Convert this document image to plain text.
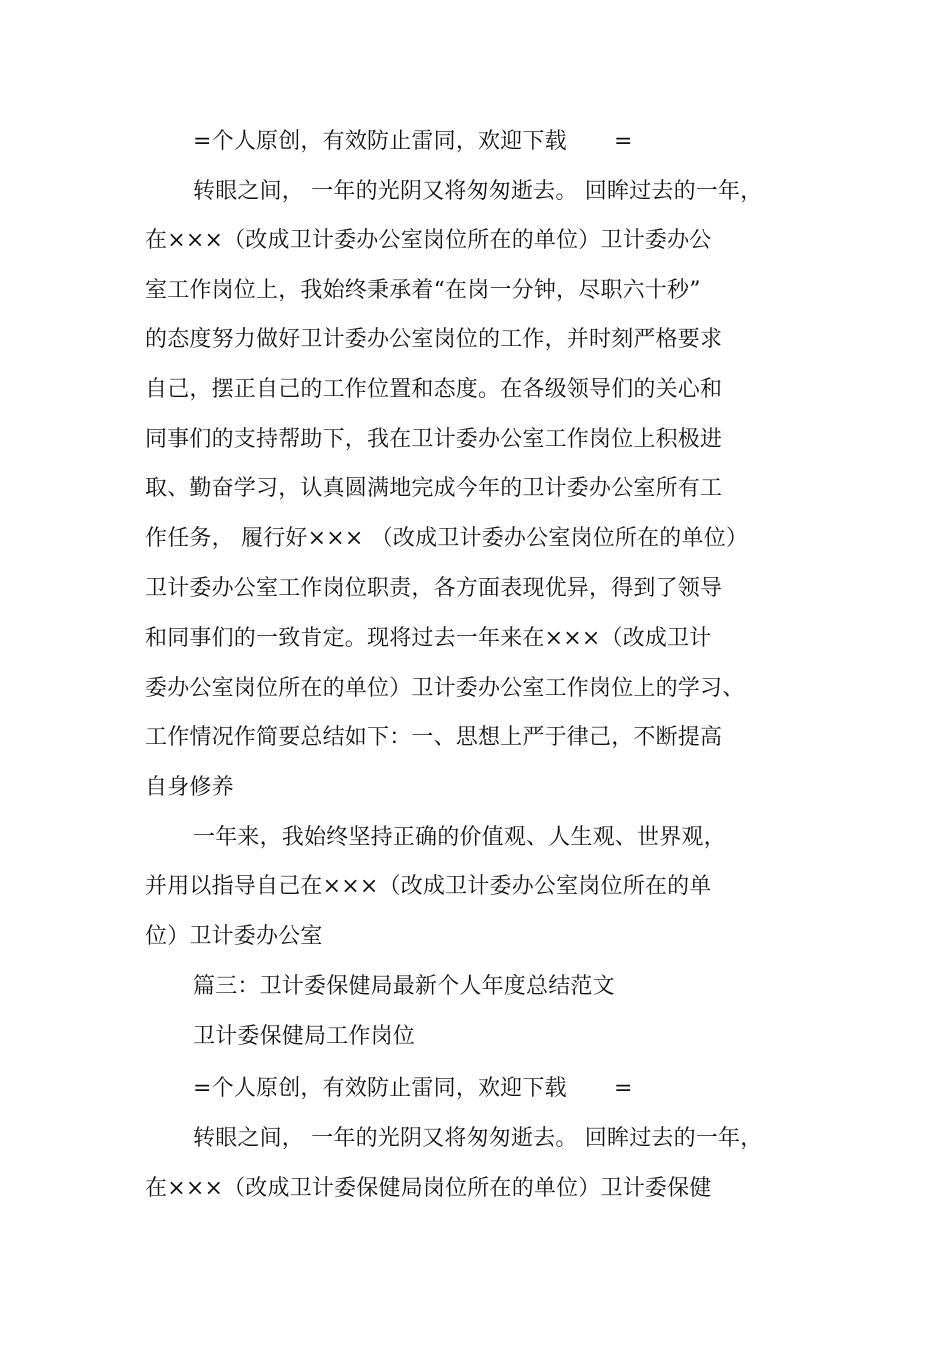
=个人原创，有效防止雷同，欢迎下载 =
转眼之间， 一年的光阴又将匆匆逝去。 回眸过去的一年，
在×××（改成卫计委办公室岗位所在的单位）卫计委办公
室工作岗位上，我始终秉承着“在岗一分钟，尽职六十秒”
的态度努力做好卫计委办公室岗位的工作，并时刻严格要求
自己，摆正自己的工作位置和态度。在各级领导们的关心和
同事们的支持帮助下，我在卫计委办公室工作岗位上积极进
取、勤奋学习，认真圆满地完成今年的卫计委办公室所有工
作任务， 履行好××× （改成卫计委办公室岗位所在的单位）
卫计委办公室工作岗位职责，各方面表现优异，得到了领导
和同事们的一致肯定。现将过去一年来在×××（改成卫计
委办公室岗位所在的单位）卫计委办公室工作岗位上的学习、
工作情况作简要总结如下：一、思想上严于律己，不断提高
自身修养
一年来，我始终坚持正确的价值观、人生观、世界观，
并用以指导自己在×××（改成卫计委办公室岗位所在的单
位）卫计委办公室
篇三：卫计委保健局最新个人年度总结范文
卫计委保健局工作岗位
=个人原创，有效防止雷同，欢迎下载 =
转眼之间， 一年的光阴又将匆匆逝去。 回眸过去的一年，
在×××（改成卫计委保健局岗位所在的单位）卫计委保健
